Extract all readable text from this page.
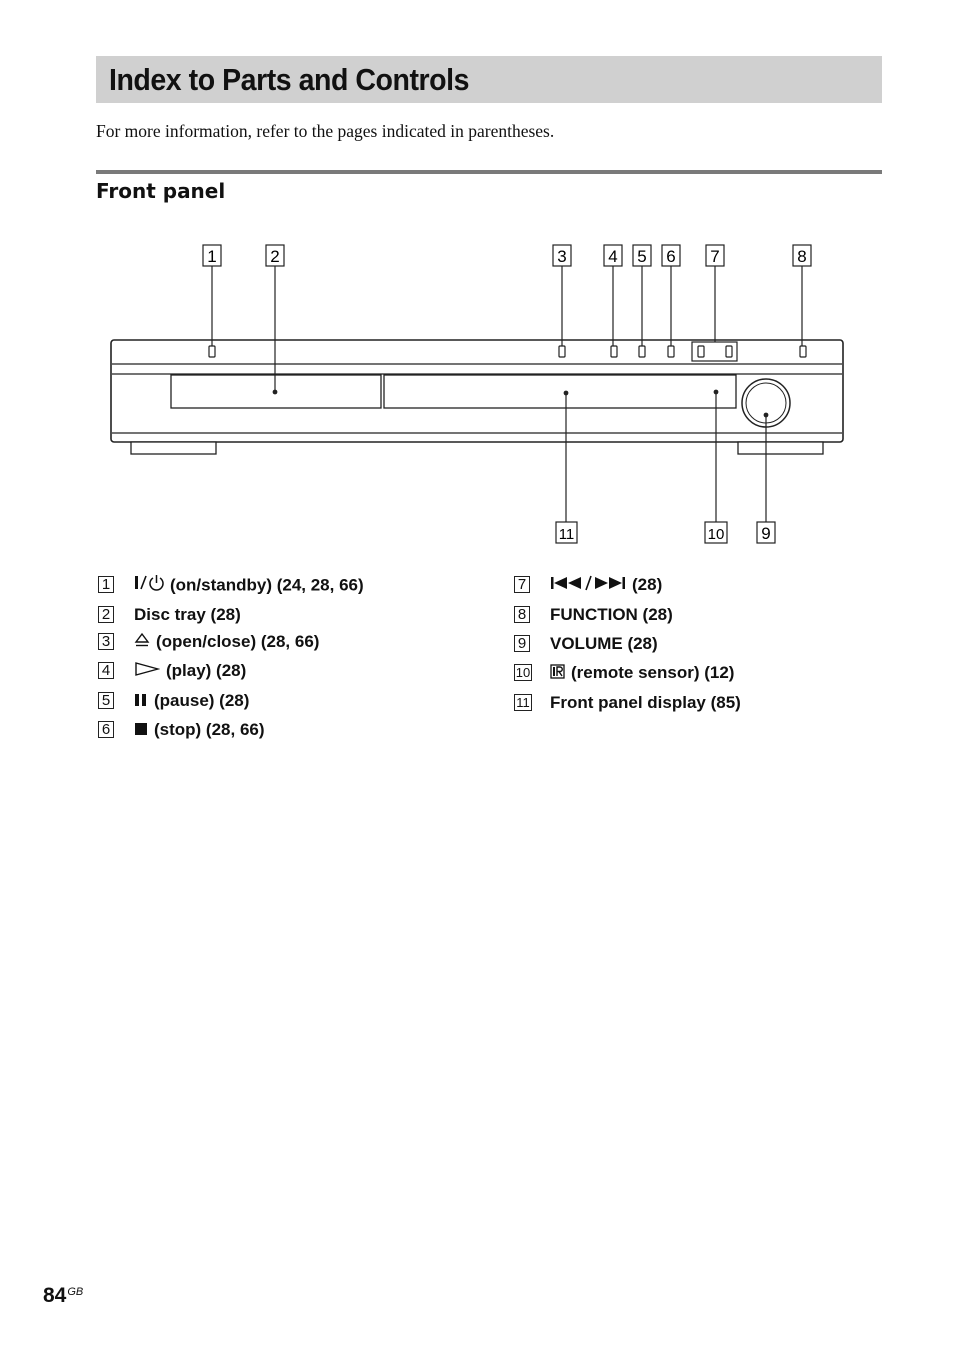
Index to Parts and Controls
For more information, refer to the pages indicated in parentheses.
Front panel
1	2	3 4 5 6 7	8
11	10 9
1	(on/standby) (24, 28, 66)
2 Disc tray (28)
3	(open/close) (28, 66)
4	(play) (28)
5	(pause) (28)
6	(stop) (28, 66)
7	(28)
8 FUNCTION (28)
9 VOLUME (28)
10	(remote sensor) (12)
11 Front panel display (85)
$84^{GB}$
